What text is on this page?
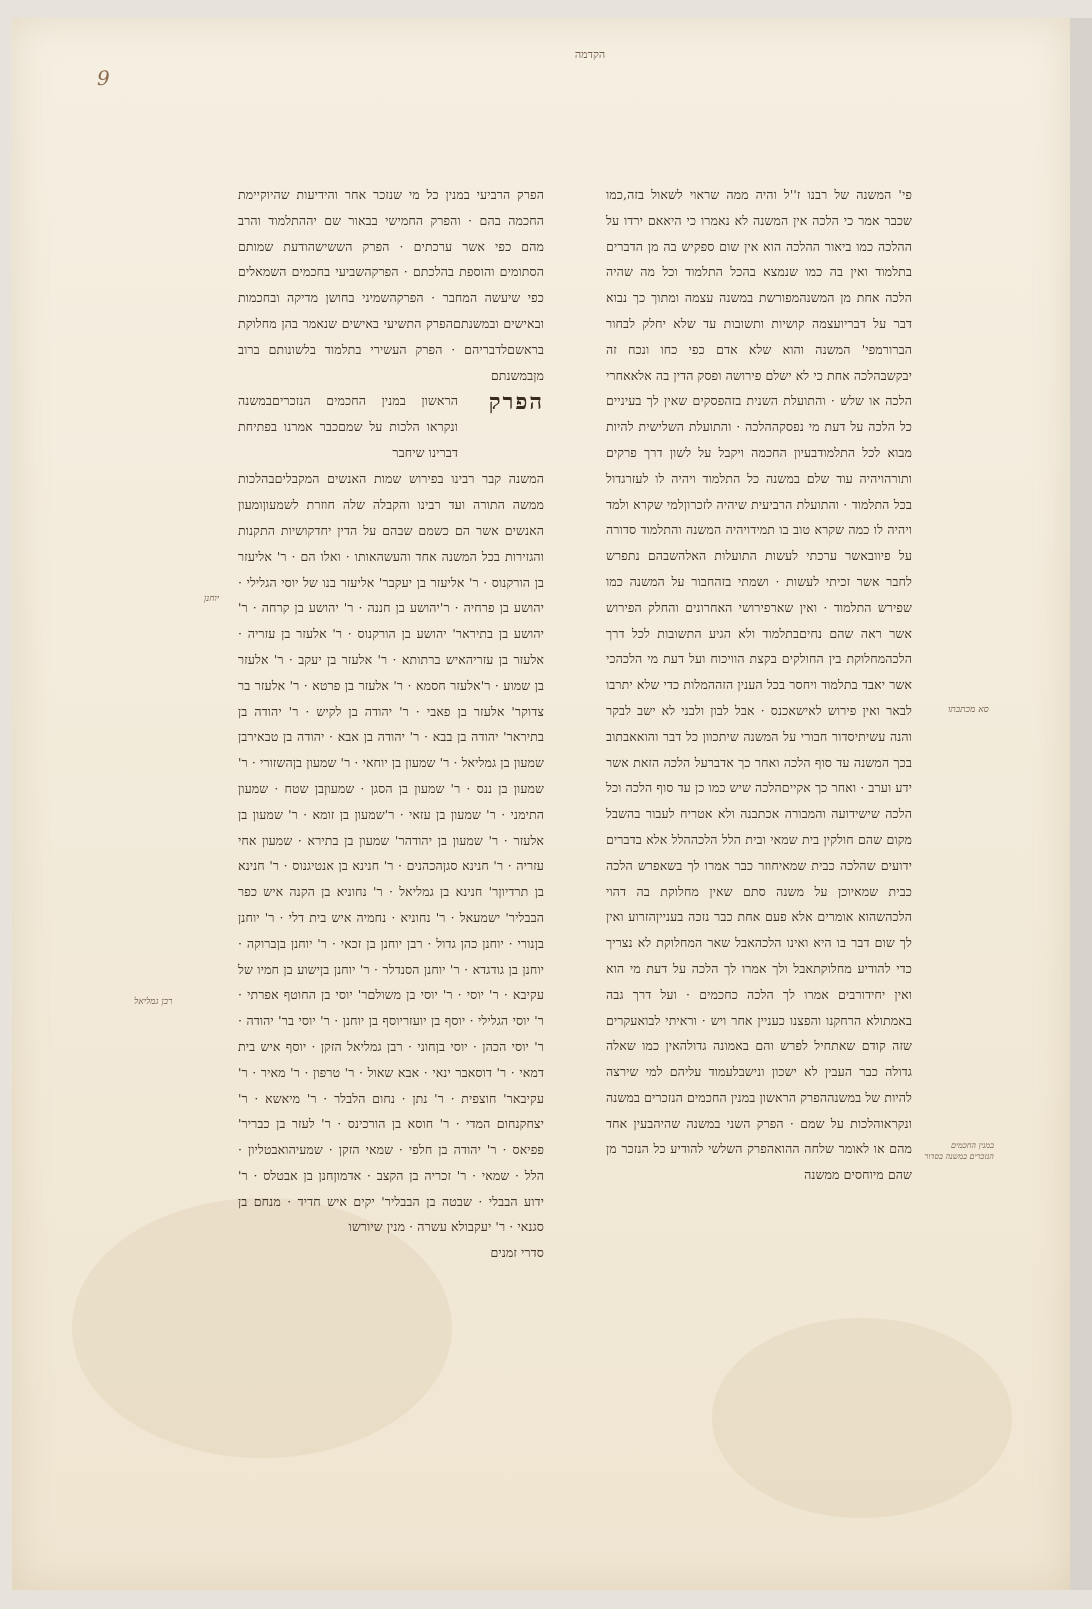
הקדמה
9
פי' המשנה של רבנו ז''ל והיה ממה שראוי לשאול בזה,כמו שכבר אמר כי הלכה אין המשנה לא נאמרו כי היאאם ירדו על ההלכה כמו ביאור ההלכה הוא אין שום ספקיש בה מן הדברים בתלמוד ואין בה כמו שנמצא בהכל התלמוד וכל מה שהיה הלכה אחת מן המשנהמפורשת במשנה עצמה ומתוך כך נבוא דבר על דבריועצמה קושיות ותשובות עד שלא יחלק לבחור הברורמפי' המשנה והוא שלא אדם כפי כחו ונכח זה יבקשבהלכה אחת כי לא ישלם פירושה ופסק הדין בה אלאאחרי הלכה או שלש · והתועלת השנית בזהפסקים שאין לך בעיניים כל הלכה על דעת מי נפסקההלכה · והתועלת השלישית להיות מבוא לכל התלמודבעיון החכמה ויקבל על לשון דרך פרקים ותורהויהיה עוד שלם במשנה כל התלמוד ויהיה לו לעזרגדול בכל התלמוד · והתועלת הרביעית שיהיה לזכרוןלמי שקרא ולמד ויהיה לו כמה שקרא טוב בו תמידויהיה המשנה והתלמוד סדורה על פיוובאשר ערכתי לעשות התועלות האלהשבהם נתפרש לחבר אשר זכיתי לעשות · ושמתי בזהחבור על המשנה כמו שפירש התלמוד · ואין שארפירושי האחרונים והחלק הפירוש אשר ראה שהם נחיםבתלמוד ולא הגיע התשובות לכל דרך הלכהמחלוקת בין החולקים בקצת הוויכוח ועל דעת מי הלכהכי אשר יאבד בתלמוד ויחסר בכל הענין הזההמלות כדי שלא יתרבו לבאר ואין פירוש לאישאכנס · אבל לבון ולבני לא ישב לבקר והנה עשיתיסדור חבורי על המשנה שיתכוון כל דבר והואאבתוב בכך המשנה עד סוף הלכה ואחר כך אדברעל הלכה הזאת אשר ידע וערב · ואחר כך אקייםהלכה שיש כמו כן עד סוף הלכה וכל הלכה שישידועה והמבורה אכתבנה ולא אטריח לעבור בהשבל מקום שהם חולקין בית שמאי ובית הלל הלכההלל אלא בדברים ידועים שהלכה כבית שמאיחוזר כבר אמרו לך בשאפרש הלכה כבית שמאיוכן על משנה סתם שאין מחלוקת בה דהוי הלכהשהוא אומרים אלא פעם אחת כבר נזכה בענייןהזרוע ואין לך שום דבר בו היא ואינו הלכהאבל שאר המחלוקת לא נצריך כדי להודיע מחלוקתאבל ולך אמרו לך הלכה על דעת מי הוא ואין יחידורבים אמרו לך הלכה כחכמים · ועל דרך גבה באמתולא הרחקנו והפצנו כעניין אחר ויש · וראיתי לבואעקרים שזה קודם שאתחיל לפרש והם באמונה גדולהאין כמו שאלה גדולה כבר העבין לא ישכון ונישבלעמוד עליהם למי שירצה להיות של במשנההפרק הראשון במנין החכמים הנזכרים במשנה ונקראוהלכות על שמם · הפרק השני במשנה שהיהבעין אחד מהם או לאומר שלחה ההואהפרק השלשי להודיע כל הנזכר מן שהם מיוחסים ממשנה
הפרק הרביעי במנין כל מי שנזכר אחר והידיעות שהיוקיימת החכמה בהם · והפרק החמישי בבאור שם יההתלמוד והרב מהם כפי אשר ערכתים · הפרק הששישהודעת שמותם הסתומים והוספת בהלכתם · הפרקהשביעי בחכמים השמאלים כפי שיעשה המחבר · הפרקהשמיני בחושן מדיקה ובחכמות ובאישים ובמשנתםהפרק התשיעי באישים שנאמר בהן מחלוקת בראשםלדבריהם · הפרק העשירי בתלמוד בלשונותם ברוב מןבמשנתם
הפרק
הראשון במנין החכמים הנזכריםבמשנה ונקראו הלכות על שמםכבר אמרנו בפתיחת דברינו שיחבר
המשנה קבר רבינו בפירוש שמות האנשים המקבליםבהלכות ממשה התורה ועד רבינו והקבלה שלה חוזרת לשמעוןומעון האנשים אשר הם כשמם שבהם על הדין יחדקושיות התקנות והגזירות בכל המשנה אחד והעשהאותו · ואלו הם · ר' אליעזר בן הורקנוס · ר' אליעזר בן יעקבר' אליעזר בנו של יוסי הגלילי · יהושע בן פרחיה · ר'יהושע בן חננה · ר' יהושע בן קרחה · ר' יהושע בן בתיראר' יהושע בן הורקנוס · ר' אלעזר בן עזריה · אלעזר בן עזריהאיש ברתותא · ר' אלעזר בן יעקב · ר' אלעזר בן שמוע · ר'אלעזר חסמא · ר' אלעזר בן פרטא · ר' אלעזר בר צדוקר' אלעזר בן פאבי · ר' יהודה בן לקיש · ר' יהודה בן בתיראר' יהודה בן בבא · ר' יהודה בן אבא · יהודה בן טבאירבן שמעון בן גמליאל · ר' שמעון בן יוחאי · ר' שמעון בןהשזורי · ר' שמעון בן ננס · ר' שמעון בן הסגן · שמעוןבן שטח · שמעון התימני · ר' שמעון בן עזאי · ר'שמעון בן זומא · ר' שמעון בן אלעזר · ר' שמעון בן יהודהר' שמעון בן בתירא · שמעון אחי עזריה · ר' חנינא סגןהכהנים · ר' חנינא בן אנטיגנוס · ר' חנינא בן תרדיוןר' חנינא בן גמליאל · ר' נחוניא בן הקנה איש כפר הבבליר' ישמעאל · ר' נחוניא · נחמיה איש בית דלי · ר' יוחנן בןנורי · יוחנן כהן גדול · רבן יוחנן בן זכאי · ר' יוחנן בןברוקה · יוחנן בן גודגדא · ר' יוחנן הסנדלר · ר' יוחנן בןישוע בן חמיו של עקיבא · ר' יוסי · ר' יוסי בן משולםר' יוסי בן החוטף אפרתי · ר' יוסי הגלילי · יוסף בן יועזריוסף בן יוחנן · ר' יוסי בר' יהודה · ר' יוסי הכהן · יוסי בןחוני · רבן גמליאל הזקן · יוסף איש בית דמאי · ר' דוסאבר ינאי · אבא שאול · ר' טרפון · ר' מאיר · ר' עקיבאר' חוצפית · ר' נתן · נחום הלבלר · ר' מיאשא · ר' יצחקנחום המדי · ר' חוסא בן הורכינס · ר' לעזר בן כבריר' פפיאס · ר' יהודה בן חלפי · שמאי הזקן · שמעיהואבטליון · הלל · שמאי · ר' זכריה בן הקצב · אדמוןחנן בן אבטלס · ר' ידוע הבבלי · שבטה בן הבבליר' יקים איש חדיד · מנחם בן סגנאי · ר' יעקבולא עשרה · מנין שיורשו
סדרי זמנים
סא מכתבתו
יוחנן
רבן גמליאל
במנין החכמים הנזכרים במשנה בסדור
